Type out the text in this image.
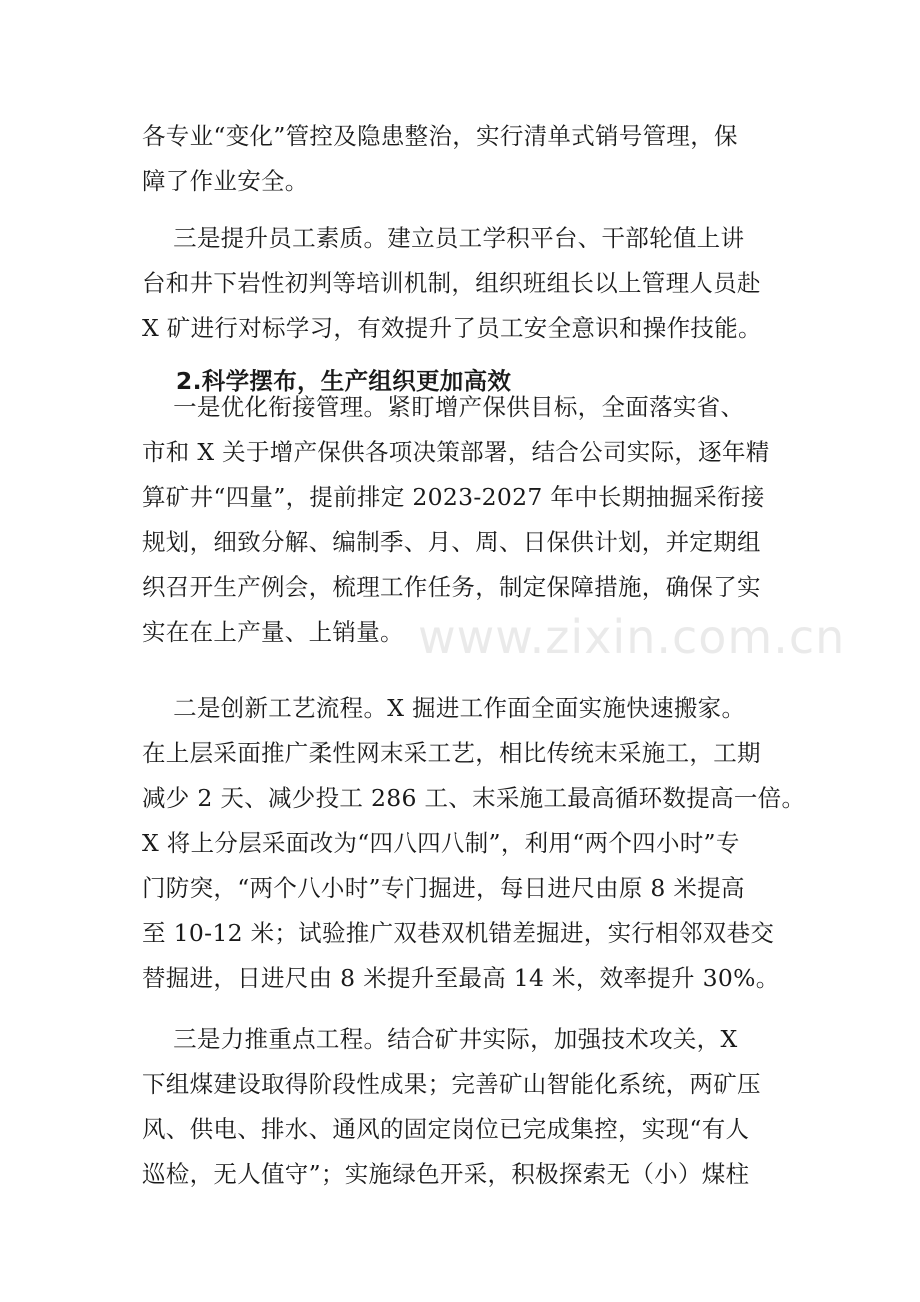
各专业“变化”管控及隐患整治，实行清单式销号管理，保
障了作业安全。
三是提升员工素质。建立员工学积平台、干部轮值上讲
台和井下岩性初判等培训机制，组织班组长以上管理人员赴
X 矿进行对标学习，有效提升了员工安全意识和操作技能。
2.科学摆布，生产组织更加高效
一是优化衔接管理。紧盯增产保供目标，全面落实省、
市和 X 关于增产保供各项决策部署，结合公司实际，逐年精
算矿井“四量”，提前排定 2023-2027 年中长期抽掘采衔接
规划，细致分解、编制季、月、周、日保供计划，并定期组
织召开生产例会，梳理工作任务，制定保障措施，确保了实
实在在上产量、上销量。
二是创新工艺流程。X 掘进工作面全面实施快速搬家。
在上层采面推广柔性网末采工艺，相比传统末采施工，工期
减少 2 天、减少投工 286 工、末采施工最高循环数提高一倍。
X 将上分层采面改为“四八四八制”，利用“两个四小时”专
门防突，“两个八小时”专门掘进，每日进尺由原 8 米提高
至 10-12 米；试验推广双巷双机错差掘进，实行相邻双巷交
替掘进，日进尺由 8 米提升至最高 14 米，效率提升 30%。
三是力推重点工程。结合矿井实际，加强技术攻关，X
下组煤建设取得阶段性成果；完善矿山智能化系统，两矿压
风、供电、排水、通风的固定岗位已完成集控，实现“有人
巡检，无人值守”；实施绿色开采，积极探索无（小）煤柱
www.zixin.com.cn
